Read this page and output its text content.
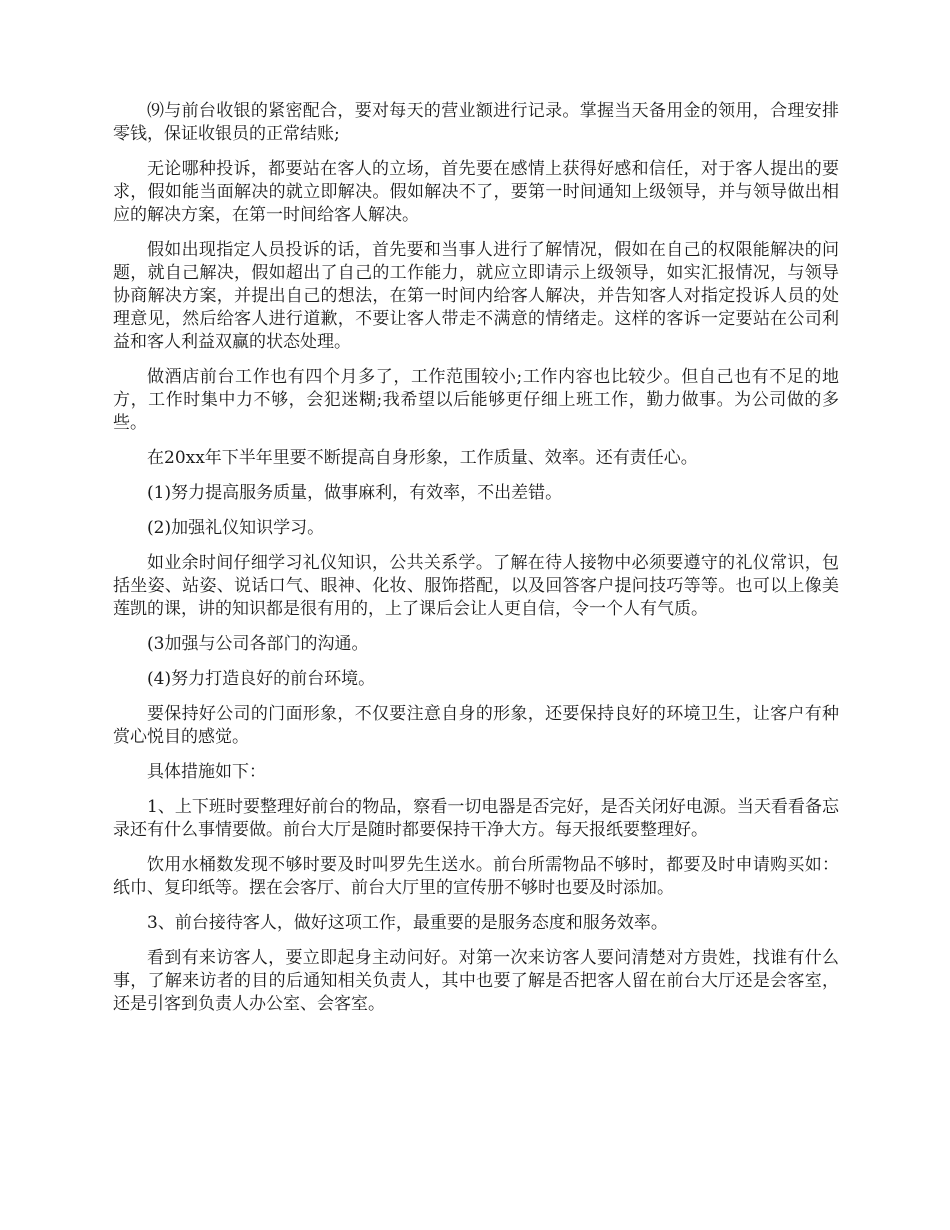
⑼与前台收银的紧密配合，要对每天的营业额进行记录。掌握当天备用金的领用，合理安排零钱，保证收银员的正常结账;

无论哪种投诉，都要站在客人的立场，首先要在感情上获得好感和信任，对于客人提出的要求，假如能当面解决的就立即解决。假如解决不了，要第一时间通知上级领导，并与领导做出相应的解决方案，在第一时间给客人解决。

假如出现指定人员投诉的话，首先要和当事人进行了解情况，假如在自己的权限能解决的问题，就自己解决，假如超出了自己的工作能力，就应立即请示上级领导，如实汇报情况，与领导协商解决方案，并提出自己的想法，在第一时间内给客人解决，并告知客人对指定投诉人员的处理意见，然后给客人进行道歉，不要让客人带走不满意的情绪走。这样的客诉一定要站在公司利益和客人利益双赢的状态处理。

做酒店前台工作也有四个月多了，工作范围较小;工作内容也比较少。但自己也有不足的地方，工作时集中力不够，会犯迷糊;我希望以后能够更仔细上班工作，勤力做事。为公司做的多些。

在20xx年下半年里要不断提高自身形象，工作质量、效率。还有责任心。

(1)努力提高服务质量，做事麻利，有效率，不出差错。

(2)加强礼仪知识学习。

如业余时间仔细学习礼仪知识，公共关系学。了解在待人接物中必须要遵守的礼仪常识，包括坐姿、站姿、说话口气、眼神、化妆、服饰搭配，以及回答客户提问技巧等等。也可以上像美莲凯的课，讲的知识都是很有用的，上了课后会让人更自信，令一个人有气质。

(3加强与公司各部门的沟通。

(4)努力打造良好的前台环境。

要保持好公司的门面形象，不仅要注意自身的形象，还要保持良好的环境卫生，让客户有种赏心悦目的感觉。

具体措施如下：

1、上下班时要整理好前台的物品，察看一切电器是否完好，是否关闭好电源。当天看看备忘录还有什么事情要做。前台大厅是随时都要保持干净大方。每天报纸要整理好。

饮用水桶数发现不够时要及时叫罗先生送水。前台所需物品不够时，都要及时申请购买如：纸巾、复印纸等。摆在会客厅、前台大厅里的宣传册不够时也要及时添加。

3、前台接待客人，做好这项工作，最重要的是服务态度和服务效率。

看到有来访客人，要立即起身主动问好。对第一次来访客人要问清楚对方贵姓，找谁有什么事，了解来访者的目的后通知相关负责人，其中也要了解是否把客人留在前台大厅还是会客室，还是引客到负责人办公室、会客室。
